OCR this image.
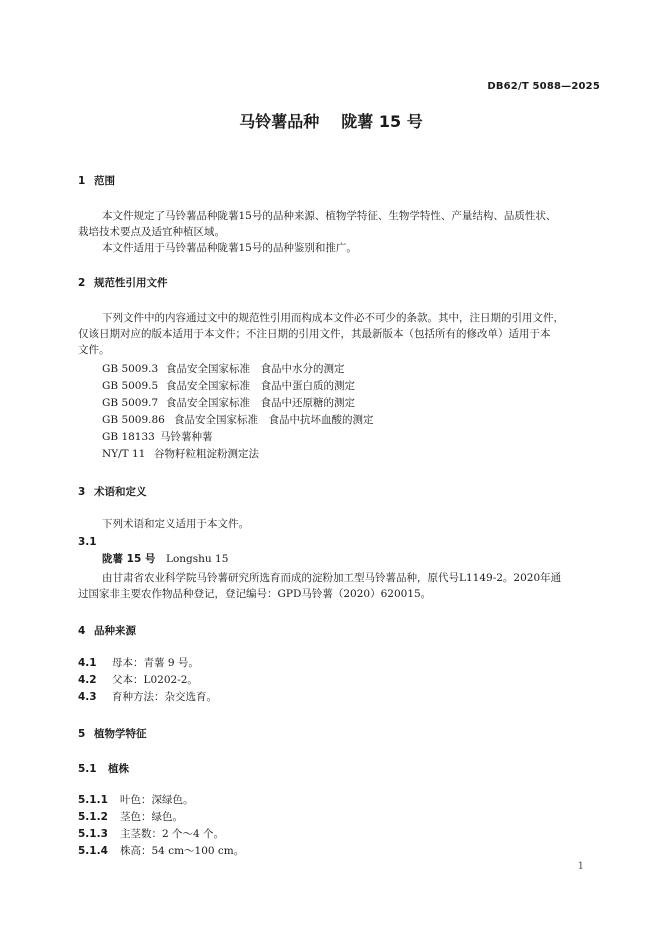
DB62/T 5088—2025
马铃薯品种 陇薯 15 号
1 范围
本文件规定了马铃薯品种陇薯15号的品种来源、植物学特征、生物学特性、产量结构、品质性状、
栽培技术要点及适宜种植区域。
本文件适用于马铃薯品种陇薯15号的品种鉴别和推广。
2 规范性引用文件
下列文件中的内容通过文中的规范性引用而构成本文件必不可少的条款。其中，注日期的引用文件，
仅该日期对应的版本适用于本文件；不注日期的引用文件，其最新版本（包括所有的修改单）适用于本
文件。
GB 5009.3 食品安全国家标准　食品中水分的测定
GB 5009.5 食品安全国家标准　食品中蛋白质的测定
GB 5009.7 食品安全国家标准　食品中还原糖的测定
GB 5009.86 食品安全国家标准　食品中抗坏血酸的测定
GB 18133 马铃薯种薯
NY/T 11 谷物籽粒粗淀粉测定法
3 术语和定义
下列术语和定义适用于本文件。
3.1
陇薯 15 号 Longshu 15
由甘肃省农业科学院马铃薯研究所选育而成的淀粉加工型马铃薯品种，原代号L1149-2。2020年通
过国家非主要农作物品种登记，登记编号：GPD马铃薯（2020）620015。
4 品种来源
4.1 母本：青薯 9 号。
4.2 父本：L0202-2。
4.3 育种方法：杂交选育。
5 植物学特征
5.1 植株
5.1.1 叶色：深绿色。
5.1.2 茎色：绿色。
5.1.3 主茎数：2 个～4 个。
5.1.4 株高：54 cm～100 cm。
1
